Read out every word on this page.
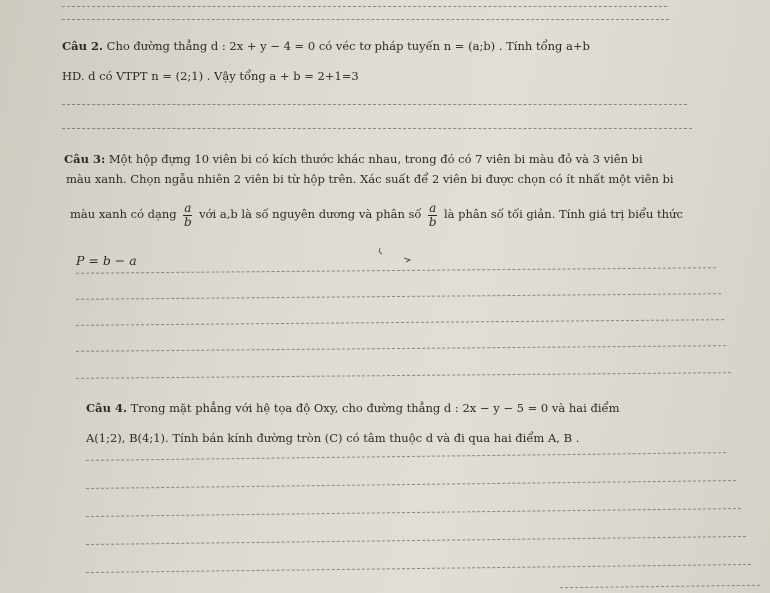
Câu 2. Cho đường thẳng d : 2x + y − 4 = 0 có véc tơ pháp tuyến n = (a;b) . Tính tổng a+b
HD. d có VTPT n = (2;1) . Vậy tổng a + b = 2+1=3
Câu 3: Một hộp đựng 10 viên bi có kích thước khác nhau, trong đó có 7 viên bi màu đỏ và 3 viên bi
màu xanh. Chọn ngẫu nhiên 2 viên bi từ hộp trên. Xác suất để 2 viên bi được chọn có ít nhất một viên bi
màu xanh có dạng $\frac{a}{b}$ với a,b là số nguyên dương và phân số $\frac{a}{b}$ là phân số tối giản. Tính giá trị biểu thức
P = b − a
Câu 4. Trong mặt phẳng với hệ tọa độ Oxy, cho đường thẳng d : 2x − y − 5 = 0 và hai điểm
A(1;2), B(4;1). Tính bán kính đường tròn (C) có tâm thuộc d và đi qua hai điểm A, B .
